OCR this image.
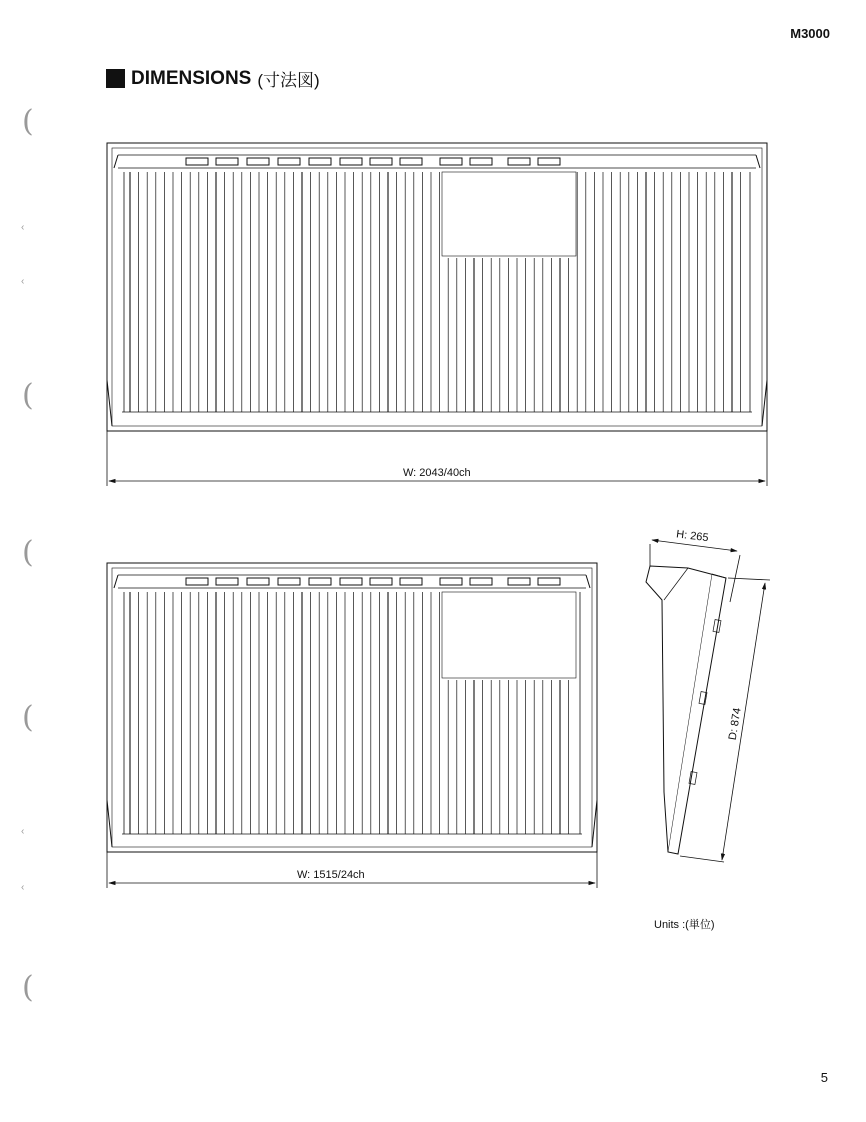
M3000
DIMENSIONS (寸法図)
(
(
(
(
(
‹
‹
‹
‹
W: 2043/40ch
W: 1515/24ch
H: 265
D: 874
Units :(単位)
5
